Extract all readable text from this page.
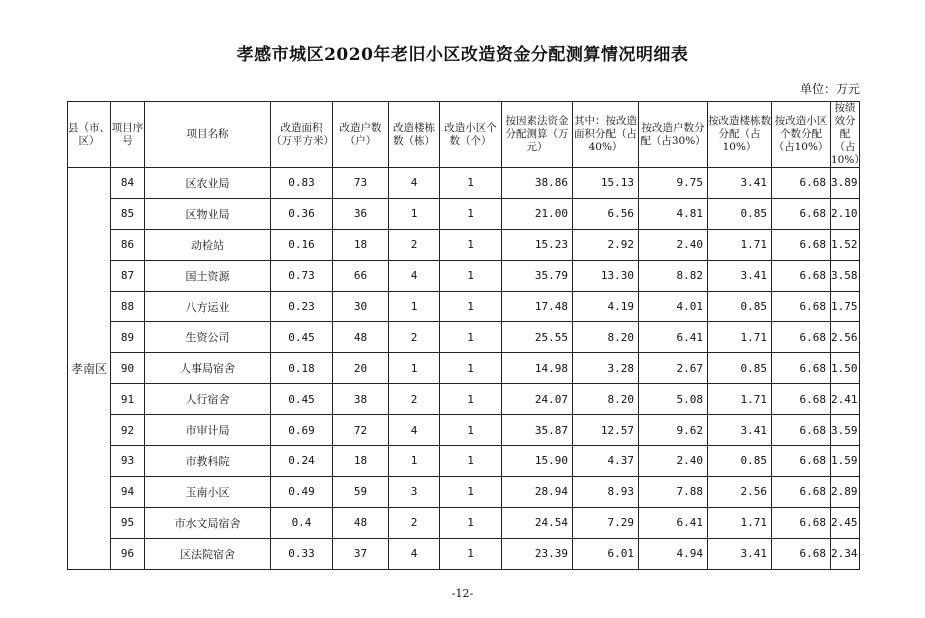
孝感市城区2020年老旧小区改造资金分配测算情况明细表
单位：万元
县（市、区）	项目序号	项目名称	改造面积（万平方米）	改造户数（户）	改造楼栋数（栋）	改造小区个数（个）	按因素法资金分配测算（万元）	其中：按改造面积分配（占40%）	按改造户数分配（占30%）	按改造楼栋数分配（占10%）	按改造小区个数分配（占10%）	按绩效分配（占10%）
孝南区	84	区农业局	0.83	73	4	1	38.86	15.13	9.75	3.41	6.68	3.89
	85	区物业局	0.36	36	1	1	21.00	6.56	4.81	0.85	6.68	2.10
	86	动检站	0.16	18	2	1	15.23	2.92	2.40	1.71	6.68	1.52
	87	国土资源	0.73	66	4	1	35.79	13.30	8.82	3.41	6.68	3.58
	88	八方运业	0.23	30	1	1	17.48	4.19	4.01	0.85	6.68	1.75
	89	生资公司	0.45	48	2	1	25.55	8.20	6.41	1.71	6.68	2.56
	90	人事局宿舍	0.18	20	1	1	14.98	3.28	2.67	0.85	6.68	1.50
	91	人行宿舍	0.45	38	2	1	24.07	8.20	5.08	1.71	6.68	2.41
	92	市审计局	0.69	72	4	1	35.87	12.57	9.62	3.41	6.68	3.59
	93	市教科院	0.24	18	1	1	15.90	4.37	2.40	0.85	6.68	1.59
	94	玉南小区	0.49	59	3	1	28.94	8.93	7.88	2.56	6.68	2.89
	95	市水文局宿舍	0.4	48	2	1	24.54	7.29	6.41	1.71	6.68	2.45
	96	区法院宿舍	0.33	37	4	1	23.39	6.01	4.94	3.41	6.68	2.34
-12-
